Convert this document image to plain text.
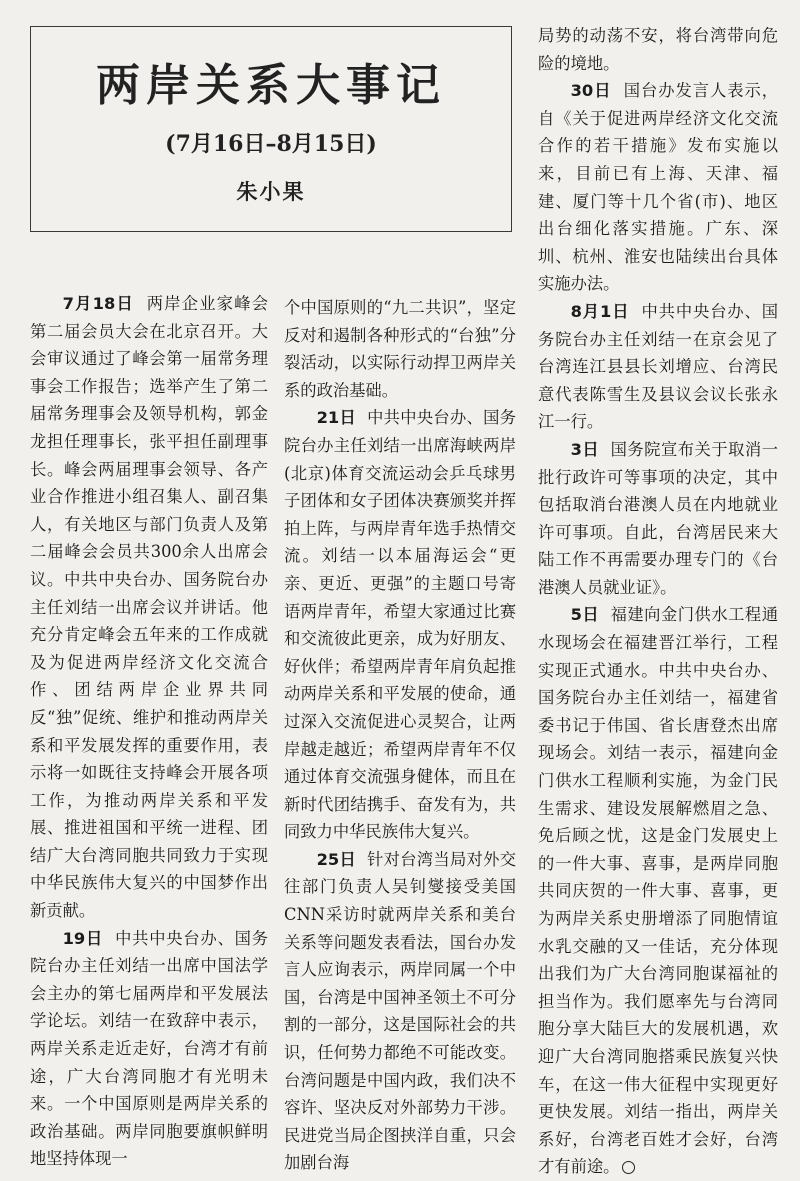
两岸关系大事记
(7月16日–8月15日)
朱小果

7月18日 两岸企业家峰会第二届会员大会在北京召开。大会审议通过了峰会第一届常务理事会工作报告；选举产生了第二届常务理事会及领导机构，郭金龙担任理事长，张平担任副理事长。峰会两届理事会领导、各产业合作推进小组召集人、副召集人，有关地区与部门负责人及第二届峰会会员共300余人出席会议。中共中央台办、国务院台办主任刘结一出席会议并讲话。他充分肯定峰会五年来的工作成就及为促进两岸经济文化交流合作、团结两岸企业界共同反“独”促统、维护和推动两岸关系和平发展发挥的重要作用，表示将一如既往支持峰会开展各项工作，为推动两岸关系和平发展、推进祖国和平统一进程、团结广大台湾同胞共同致力于实现中华民族伟大复兴的中国梦作出新贡献。

19日 中共中央台办、国务院台办主任刘结一出席中国法学会主办的第七届两岸和平发展法学论坛。刘结一在致辞中表示，两岸关系走近走好，台湾才有前途，广大台湾同胞才有光明未来。一个中国原则是两岸关系的政治基础。两岸同胞要旗帜鲜明地坚持体现一

个中国原则的“九二共识”，坚定反对和遏制各种形式的“台独”分裂活动，以实际行动捍卫两岸关系的政治基础。

21日 中共中央台办、国务院台办主任刘结一出席海峡两岸(北京)体育交流运动会乒乓球男子团体和女子团体决赛颁奖并挥拍上阵，与两岸青年选手热情交流。刘结一以本届海运会“更亲、更近、更强”的主题口号寄语两岸青年，希望大家通过比赛和交流彼此更亲，成为好朋友、好伙伴；希望两岸青年肩负起推动两岸关系和平发展的使命，通过深入交流促进心灵契合，让两岸越走越近；希望两岸青年不仅通过体育交流强身健体，而且在新时代团结携手、奋发有为，共同致力中华民族伟大复兴。

25日 针对台湾当局对外交往部门负责人吴钊燮接受美国CNN采访时就两岸关系和美台关系等问题发表看法，国台办发言人应询表示，两岸同属一个中国，台湾是中国神圣领土不可分割的一部分，这是国际社会的共识，任何势力都绝不可能改变。台湾问题是中国内政，我们决不容许、坚决反对外部势力干涉。民进党当局企图挟洋自重，只会加剧台海

局势的动荡不安，将台湾带向危险的境地。

30日 国台办发言人表示，自《关于促进两岸经济文化交流合作的若干措施》发布实施以来，目前已有上海、天津、福建、厦门等十几个省(市)、地区出台细化落实措施。广东、深圳、杭州、淮安也陆续出台具体实施办法。

8月1日 中共中央台办、国务院台办主任刘结一在京会见了台湾连江县县长刘增应、台湾民意代表陈雪生及县议会议长张永江一行。

3日 国务院宣布关于取消一批行政许可等事项的决定，其中包括取消台港澳人员在内地就业许可事项。自此，台湾居民来大陆工作不再需要办理专门的《台港澳人员就业证》。

5日 福建向金门供水工程通水现场会在福建晋江举行，工程实现正式通水。中共中央台办、国务院台办主任刘结一，福建省委书记于伟国、省长唐登杰出席现场会。刘结一表示，福建向金门供水工程顺利实施，为金门民生需求、建设发展解燃眉之急、免后顾之忧，这是金门发展史上的一件大事、喜事，是两岸同胞共同庆贺的一件大事、喜事，更为两岸关系史册增添了同胞情谊水乳交融的又一佳话，充分体现出我们为广大台湾同胞谋福祉的担当作为。我们愿率先与台湾同胞分享大陆巨大的发展机遇，欢迎广大台湾同胞搭乘民族复兴快车，在这一伟大征程中实现更好更快发展。刘结一指出，两岸关系好，台湾老百姓才会好，台湾才有前途。
